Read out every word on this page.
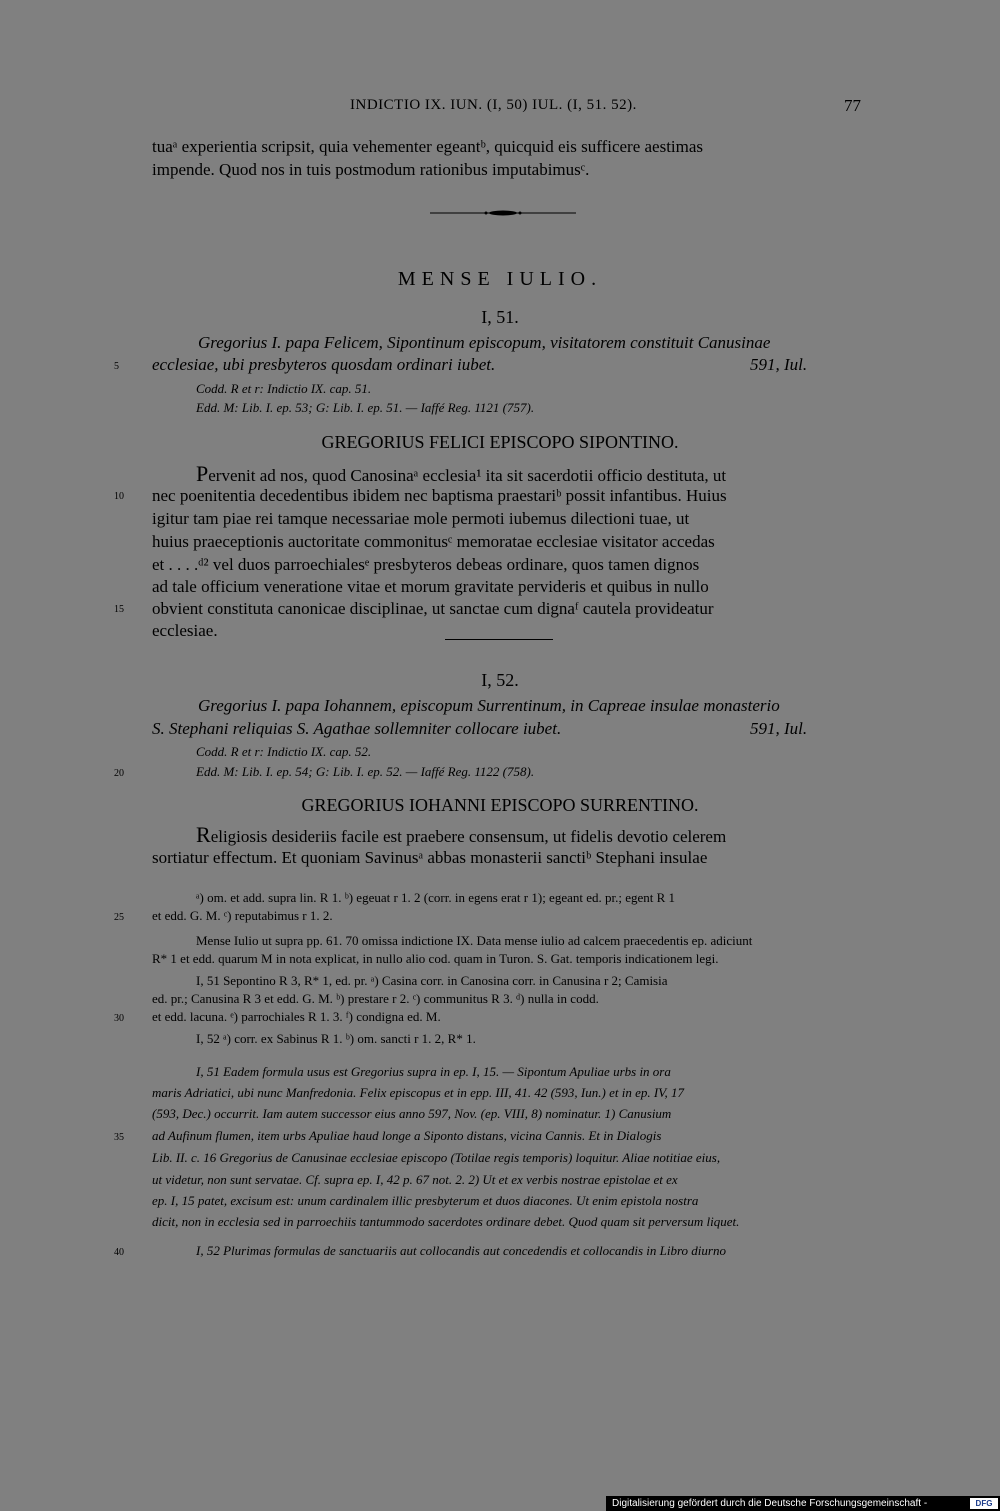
INDICTIO IX. IUN. (I, 50) IUL. (I, 51. 52).	77
tuaᵃ experientia scripsit, quia vehementer egeantᵇ, quicquid eis sufficere aestimas
impende. Quod nos in tuis postmodum rationibus imputabimusᶜ.
MENSE IULIO.
I, 51.
Gregorius I. papa Felicem, Sipontinum episcopum, visitatorem constituit Canusinae
ecclesiae, ubi presbyteros quosdam ordinari iubet.	591, Iul.
Codd. R et r: Indictio IX. cap. 51.
Edd. M: Lib. I. ep. 53; G: Lib. I. ep. 51. — Iaffé Reg. 1121 (757).
GREGORIUS FELICI EPISCOPO SIPONTINO.
Pervenit ad nos, quod Canosinaᵃ ecclesia¹ ita sit sacerdotii officio destituta, ut
nec poenitentia decedentibus ibidem nec baptisma praestariᵇ possit infantibus. Huius
igitur tam piae rei tamque necessariae mole permoti iubemus dilectioni tuae, ut
huius praeceptionis auctoritate commonitusᶜ memoratae ecclesiae visitator accedas
et . . . .ᵈ² vel duos parroechialesᵉ presbyteros debeas ordinare, quos tamen dignos
ad tale officium veneratione vitae et morum gravitate pervideris et quibus in nullo
obvient constituta canonicae disciplinae, ut sanctae cum dignaᶠ cautela provideatur
ecclesiae.
I, 52.
Gregorius I. papa Iohannem, episcopum Surrentinum, in Capreae insulae monasterio
S. Stephani reliquias S. Agathae sollemniter collocare iubet.	591, Iul.
Codd. R et r: Indictio IX. cap. 52.
Edd. M: Lib. I. ep. 54; G: Lib. I. ep. 52. — Iaffé Reg. 1122 (758).
GREGORIUS IOHANNI EPISCOPO SURRENTINO.
Religiosis desideriis facile est praebere consensum, ut fidelis devotio celerem
sortiatur effectum. Et quoniam Savinusᵃ abbas monasterii sanctiᵇ Stephani insulae
ᵃ) om. et add. supra lin. R 1. ᵇ) egeuat r 1. 2 (corr. in egens erat r 1); egeant ed. pr.; egent R 1
et edd. G. M. ᶜ) reputabimus r 1. 2.
Mense Iulio ut supra pp. 61. 70 omissa indictione IX. Data mense iulio ad calcem praecedentis ep. adiciunt
R* 1 et edd. quarum M in nota explicat, in nullo alio cod. quam in Turon. S. Gat. temporis indicationem legi.
I, 51 Sepontino R 3, R* 1, ed. pr. ᵃ) Casina corr. in Canosina corr. in Canusina r 2; Camisia
ed. pr.; Canusina R 3 et edd. G. M. ᵇ) prestare r 2. ᶜ) communitus R 3. ᵈ) nulla in codd.
et edd. lacuna. ᵉ) parrochiales R 1. 3. ᶠ) condigna ed. M.
I, 52 ᵃ) corr. ex Sabinus R 1. ᵇ) om. sancti r 1. 2, R* 1.
I, 51 Eadem formula usus est Gregorius supra in ep. I, 15. — Sipontum Apuliae urbs in ora
maris Adriatici, ubi nunc Manfredonia. Felix episcopus et in epp. III, 41. 42 (593, Iun.) et in ep. IV, 17
(593, Dec.) occurrit. Iam autem successor eius anno 597, Nov. (ep. VIII, 8) nominatur. 1) Canusium
ad Aufinum flumen, item urbs Apuliae haud longe a Siponto distans, vicina Cannis. Et in Dialogis
Lib. II. c. 16 Gregorius de Canusinae ecclesiae episcopo (Totilae regis temporis) loquitur. Aliae notitiae eius,
ut videtur, non sunt servatae. Cf. supra ep. I, 42 p. 67 not. 2. 2) Ut et ex verbis nostrae epistolae et ex
ep. I, 15 patet, excisum est: unum cardinalem illic presbyterum et duos diacones. Ut enim epistola nostra
dicit, non in ecclesia sed in parroechiis tantummodo sacerdotes ordinare debet. Quod quam sit perversum liquet.
I, 52 Plurimas formulas de sanctuariis aut collocandis aut concedendis et collocandis in Libro diurno
5
10
15
20
25
30
35
40
Digitalisierung gefördert durch die Deutsche Forschungsgemeinschaft -	DFG
